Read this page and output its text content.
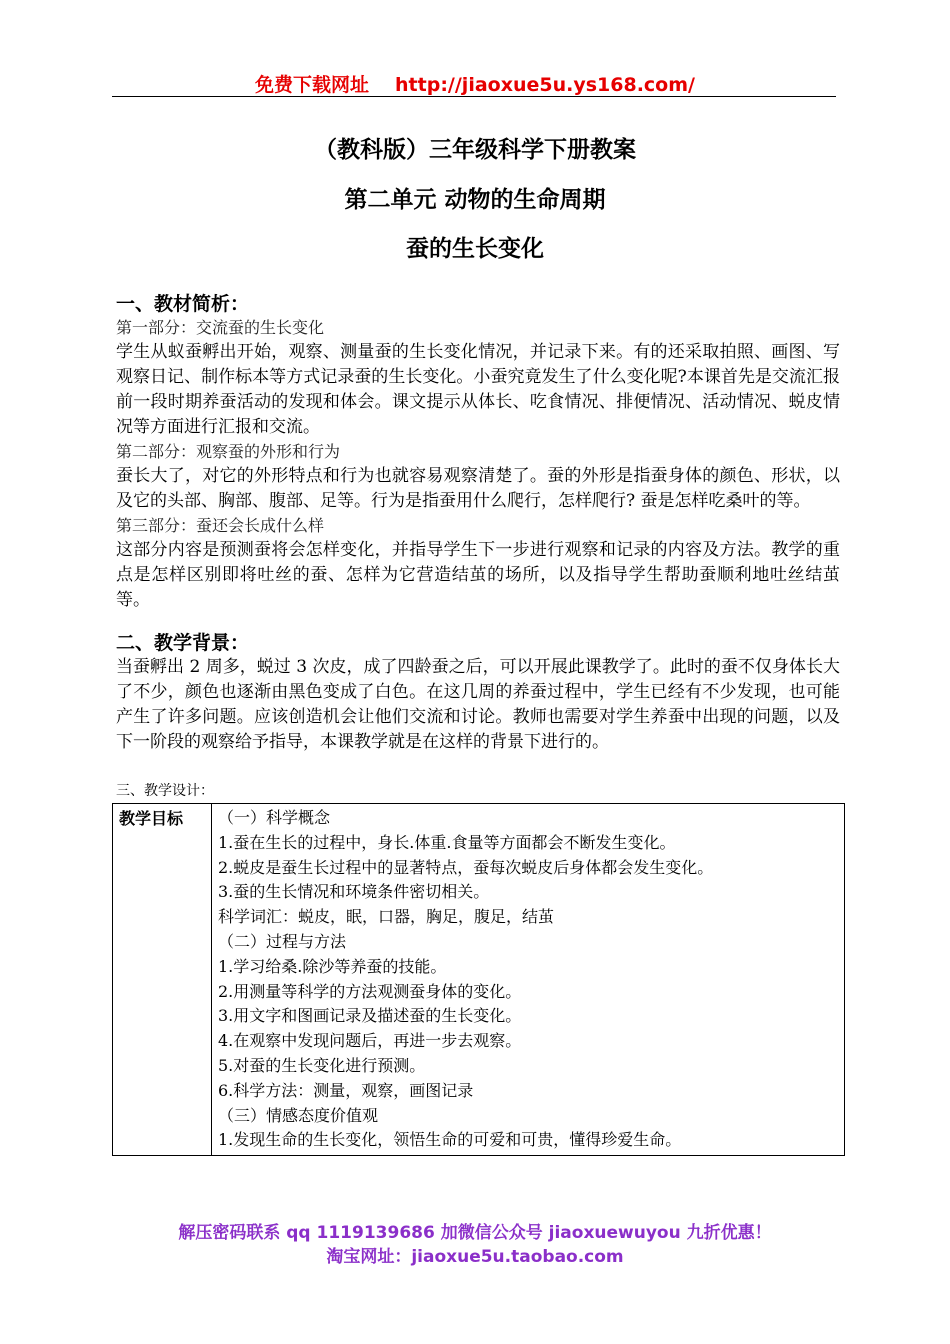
免费下载网址 http://jiaoxue5u.ys168.com/
（教科版）三年级科学下册教案
第二单元 动物的生命周期
蚕的生长变化

一、教材简析：

第一部分：交流蚕的生长变化

学生从蚁蚕孵出开始，观察、测量蚕的生长变化情况，并记录下来。有的还采取拍照、画图、写观察日记、制作标本等方式记录蚕的生长变化。小蚕究竟发生了什么变化呢?本课首先是交流汇报前一段时期养蚕活动的发现和体会。课文提示从体长、吃食情况、排便情况、活动情况、蜕皮情况等方面进行汇报和交流。

第二部分：观察蚕的外形和行为

蚕长大了，对它的外形特点和行为也就容易观察清楚了。蚕的外形是指蚕身体的颜色、形状，以及它的头部、胸部、腹部、足等。行为是指蚕用什么爬行，怎样爬行? 蚕是怎样吃桑叶的等。

第三部分：蚕还会长成什么样

这部分内容是预测蚕将会怎样变化，并指导学生下一步进行观察和记录的内容及方法。教学的重点是怎样区别即将吐丝的蚕、怎样为它营造结茧的场所，以及指导学生帮助蚕顺利地吐丝结茧等。

二、教学背景：

当蚕孵出 2 周多，蜕过 3 次皮，成了四龄蚕之后，可以开展此课教学了。此时的蚕不仅身体长大了不少，颜色也逐渐由黑色变成了白色。在这几周的养蚕过程中，学生已经有不少发现，也可能产生了许多问题。应该创造机会让他们交流和讨论。教师也需要对学生养蚕中出现的问题，以及下一阶段的观察给予指导，本课教学就是在这样的背景下进行的。

三、教学设计：

教学目标	（一）科学概念
1.蚕在生长的过程中，身长.体重.食量等方面都会不断发生变化。
2.蜕皮是蚕生长过程中的显著特点，蚕每次蜕皮后身体都会发生变化。
3.蚕的生长情况和环境条件密切相关。
科学词汇：蜕皮，眠，口器，胸足，腹足，结茧
（二）过程与方法
1.学习给桑.除沙等养蚕的技能。
2.用测量等科学的方法观测蚕身体的变化。
3.用文字和图画记录及描述蚕的生长变化。
4.在观察中发现问题后，再进一步去观察。
5.对蚕的生长变化进行预测。
6.科学方法：测量，观察，画图记录
（三）情感态度价值观
1.发现生命的生长变化，领悟生命的可爱和可贵，懂得珍爱生命。
解压密码联系 qq 1119139686 加微信公众号 jiaoxuewuyou 九折优惠！
淘宝网址：jiaoxue5u.taobao.com
